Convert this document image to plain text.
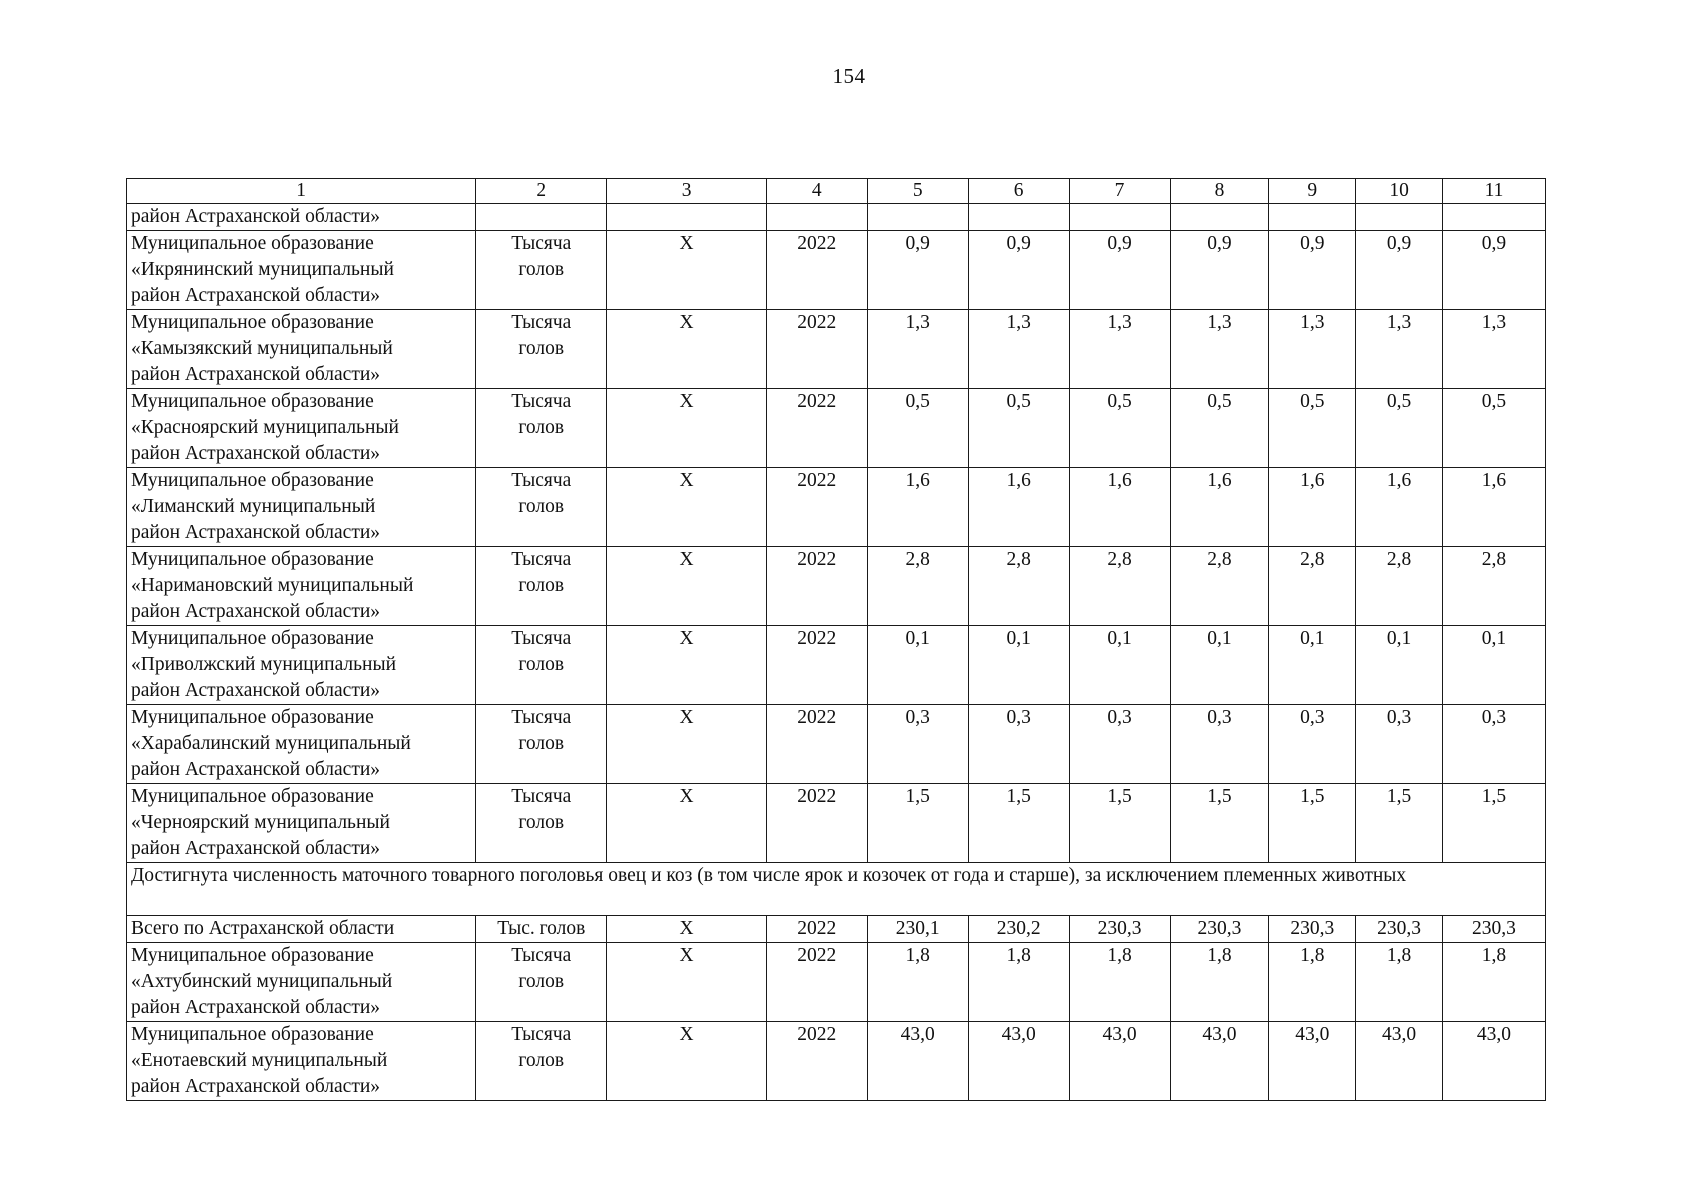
154
1	2	3	4	5	6	7	8	9	10	11
район Астраханской области»										

Муниципальное образование
«Икрянинский муниципальный
район Астраханской области»	Тысяча
голов	Х	2022	0,9	0,9	0,9	0,9	0,9	0,9	0,9

Муниципальное образование
«Камызякский муниципальный
район Астраханской области»	Тысяча
голов	Х	2022	1,3	1,3	1,3	1,3	1,3	1,3	1,3

Муниципальное образование
«Красноярский муниципальный
район Астраханской области»	Тысяча
голов	Х	2022	0,5	0,5	0,5	0,5	0,5	0,5	0,5

Муниципальное образование
«Лиманский муниципальный
район Астраханской области»	Тысяча
голов	Х	2022	1,6	1,6	1,6	1,6	1,6	1,6	1,6

Муниципальное образование
«Наримановский муниципальный
район Астраханской области»	Тысяча
голов	Х	2022	2,8	2,8	2,8	2,8	2,8	2,8	2,8

Муниципальное образование
«Приволжский муниципальный
район Астраханской области»	Тысяча
голов	Х	2022	0,1	0,1	0,1	0,1	0,1	0,1	0,1

Муниципальное образование
«Харабалинский муниципальный
район Астраханской области»	Тысяча
голов	Х	2022	0,3	0,3	0,3	0,3	0,3	0,3	0,3

Муниципальное образование
«Черноярский муниципальный
район Астраханской области»	Тысяча
голов	Х	2022	1,5	1,5	1,5	1,5	1,5	1,5	1,5
Достигнута численность маточного товарного поголовья овец и коз (в том числе ярок и козочек от года и старше), за исключением племенных животных										
Всего по Астраханской области	Тыс. голов	Х	2022	230,1	230,2	230,3	230,3	230,3	230,3	230,3

Муниципальное образование
«Ахтубинский муниципальный
район Астраханской области»	Тысяча
голов	Х	2022	1,8	1,8	1,8	1,8	1,8	1,8	1,8

Муниципальное образование
«Енотаевский муниципальный
район Астраханской области»	Тысяча
голов	Х	2022	43,0	43,0	43,0	43,0	43,0	43,0	43,0
